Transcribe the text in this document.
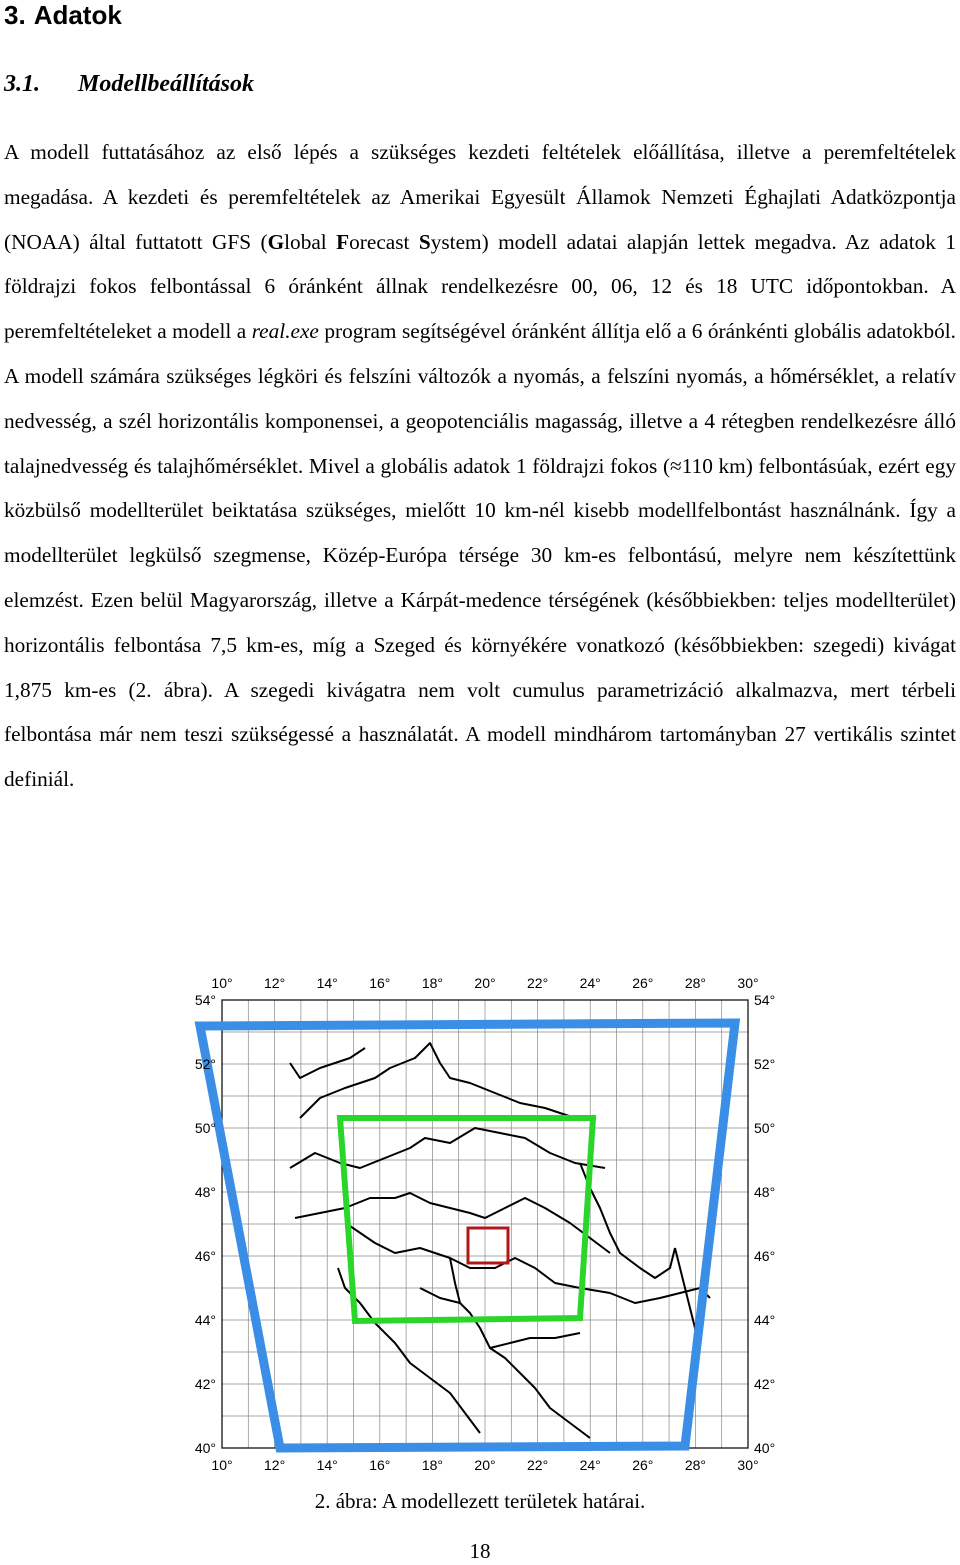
3. Adatok
3.1. Modellbeállítások

A modell futtatásához az első lépés a szükséges kezdeti feltételek előállítása, illetve a peremfeltételek megadása. A kezdeti és peremfeltételek az Amerikai Egyesült Államok Nemzeti Éghajlati Adatközpontja (NOAA) által futtatott GFS (Global Forecast System) modell adatai alapján lettek megadva. Az adatok 1 földrajzi fokos felbontással 6 óránként állnak rendelkezésre 00, 06, 12 és 18 UTC időpontokban. A peremfeltételeket a modell a real.exe program segítségével óránként állítja elő a 6 óránkénti globális adatokból. A modell számára szükséges légköri és felszíni változók a nyomás, a felszíni nyomás, a hőmérséklet, a relatív nedvesség, a szél horizontális komponensei, a geopotenciális magasság, illetve a 4 rétegben rendelkezésre álló talajnedvesség és talajhőmérséklet. Mivel a globális adatok 1 földrajzi fokos (≈110 km) felbontásúak, ezért egy közbülső modellterület beiktatása szükséges, mielőtt 10 km-nél kisebb modellfelbontást használnánk. Így a modellterület legkülső szegmense, Közép-Európa térsége 30 km-es felbontású, melyre nem készítettünk elemzést. Ezen belül Magyarország, illetve a Kárpát-medence térségének (későbbiekben: teljes modellterület) horizontális felbontása 7,5 km-es, míg a Szeged és környékére vonatkozó (későbbiekben: szegedi) kivágat 1,875 km-es (2. ábra). A szegedi kivágatra nem volt cumulus parametrizáció alkalmazva, mert térbeli felbontása már nem teszi szükségessé a használatát. A modell mindhárom tartományban 27 vertikális szintet definiál.

10°
10°
12°
12°
14°
14°
16°
16°
18°
18°
20°
20°
22°
22°
24°
24°
26°
26°
28°
28°
30°
30°
54°	54°
52°	52°
50°	50°
48°	48°
46°	46°
44°	44°
42°	42°
40°	40°
2. ábra: A modellezett területek határai.
18
